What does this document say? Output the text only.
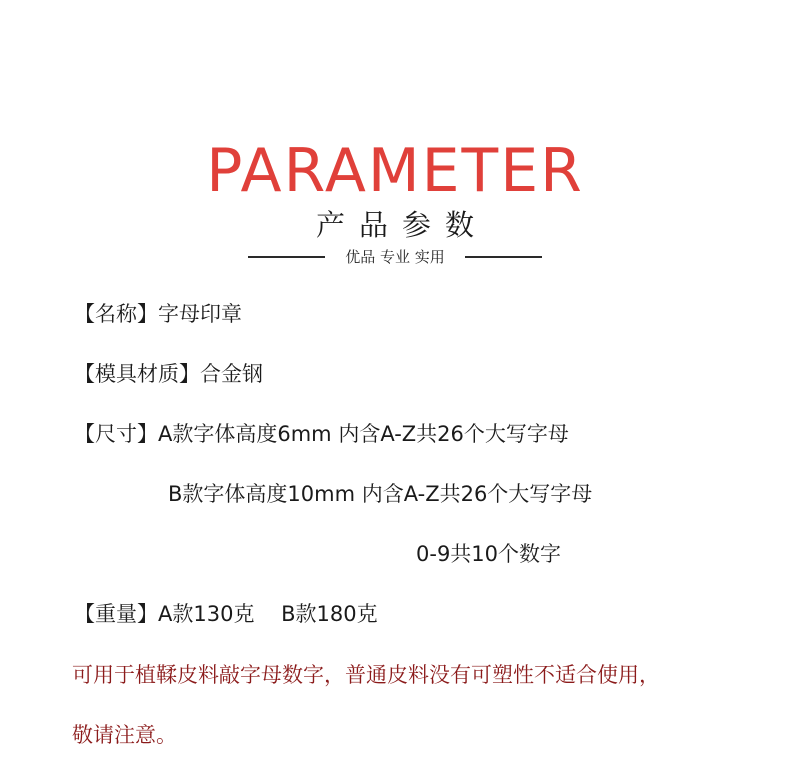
PARAMETER
产品参数
优品 专业 实用
【名称】字母印章
【模具材质】合金钢
【尺寸】A款字体高度6mm 内含A-Z共26个大写字母
B款字体高度10mm 内含A-Z共26个大写字母
0-9共10个数字
【重量】A款130克    B款180克
可用于植鞣皮料敲字母数字，普通皮料没有可塑性不适合使用，
敬请注意。
